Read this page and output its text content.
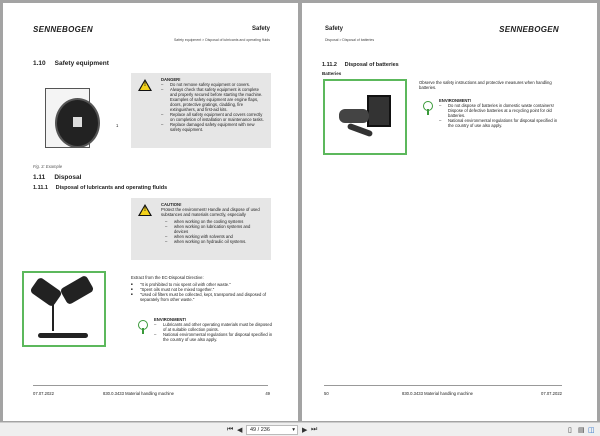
SENNEBOGEN	Safety
Safety equipment > Disposal of lubricants and operating fluids
1.10     Safety equipment
1
!
DANGER!
– Do not remove safety equipment or covers.
– Always check that safety equipment is complete and properly secured before starting the machine. Examples of safety equipment are engine flaps, doors, protective gratings, cladding, fire extinguishers, and first-aid kits.
– Replace all safety equipment and covers correctly on completion of installation or maintenance tasks.
– Replace damaged safety equipment with new safety equipment.
Fig. 3: Example
1.11     Disposal
1.11.1     Disposal of lubricants and operating fluids
!
CAUTION!
Protect the environment! Handle and dispose of used substances and materials correctly, especially
– when working on the cooling systems
– when working on lubrication systems and devices
– when working with solvents and
– when working on hydraulic oil systems.
Extract from the EC-Disposal Directive:
■ "It is prohibited to mix spent oil with other waste."
■ "Spent oils must not be mixed together."
■ "Used oil filters must be collected, kept, transported and disposed of separately from other waste."
ENVIRONMENT!
– Lubricants and other operating materials must be disposed of at suitable collection points.
– National environmental regulations for disposal specified in the country of use also apply.
07.07.2022	830.0.3433 Material handling machine	49
Safety
Disposal > Disposal of batteries
SENNEBOGEN
1.11.2     Disposal of batteries
Batteries
Observe the safety instructions and protective measures when handling batteries.
ENVIRONMENT!
– Do not dispose of batteries in domestic waste containers! Dispose of defective batteries at a recycling point for old batteries.
– National environmental regulations for disposal specified in the country of use also apply.
50	830.0.3433 Material handling machine	07.07.2022
⏮ ◀	49 / 236	▾ ▶ ⏭	▯ ▤ ◫
